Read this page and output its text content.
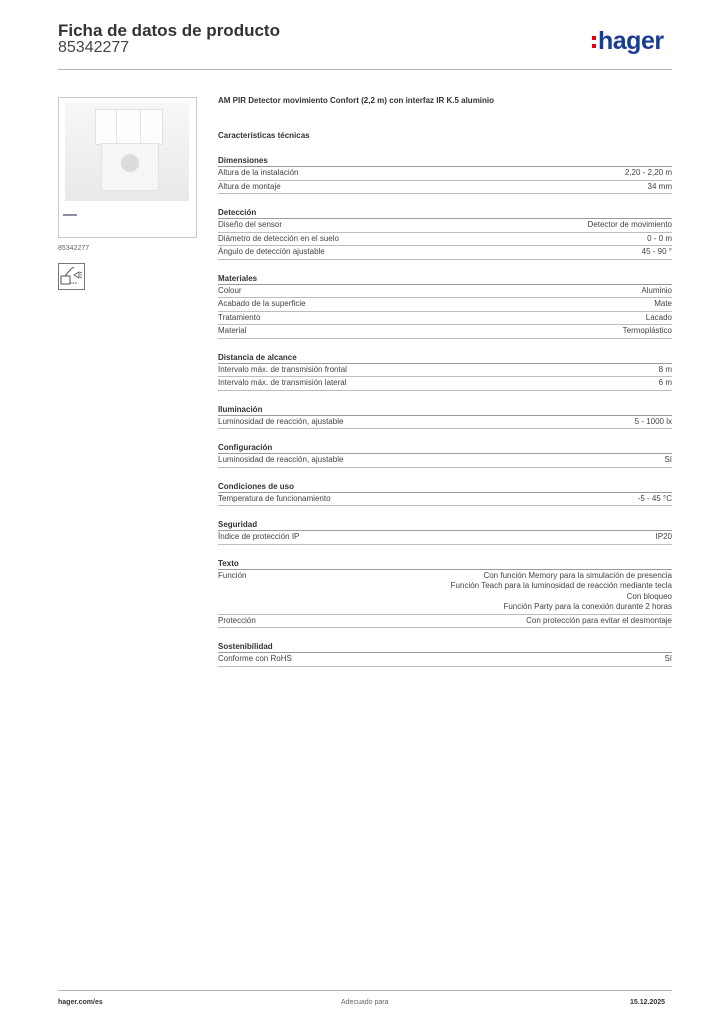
Ficha de datos de producto
85342277	hager
85342277
AM PIR Detector movimiento Confort (2,2 m) con interfaz IR K.5 aluminio
Características técnicas
Dimensiones
Altura de la instalación	2,20 - 2,20 m
Altura de montaje	34 mm
Detección
Diseño del sensor	Detector de movimiento
Diámetro de detección en el suelo	0 - 0 m
Ángulo de detección ajustable	45 - 90 °
Materiales
Colour	Aluminio
Acabado de la superficie	Mate
Tratamiento	Lacado
Material	Termoplástico
Distancia de alcance
Intervalo máx. de transmisión frontal	8 m
Intervalo máx. de transmisión lateral	6 m
Iluminación
Luminosidad de reacción, ajustable	5 - 1000 lx
Configuración
Luminosidad de reacción, ajustable	Sí
Condiciones de uso
Temperatura de funcionamiento	-5 - 45 °C
Seguridad
Índice de protección IP	IP20
Texto
Función	Con función Memory para la simulación de presencia
Función Teach para la luminosidad de reacción mediante tecla
Con bloqueo
Función Party para la conexión durante 2 horas
Protección	Con protección para evitar el desmontaje
Sostenibilidad
Conforme con RoHS	Sí
hager.com/es	Adecuado para	15.12.2025
